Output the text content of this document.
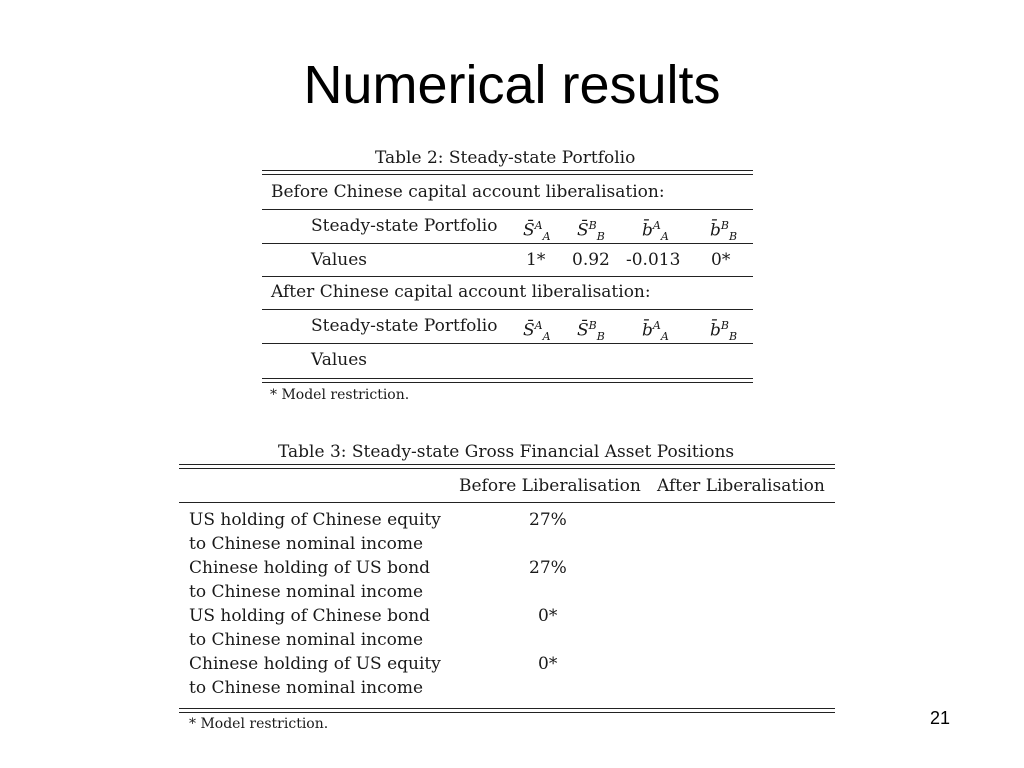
Numerical results
Table 2: Steady-state Portfolio
Before Chinese capital account liberalisation:
Steady-state Portfolio S̄$^A_A$ S̄$^B_B$ b̄$^A_A$ b̄$^B_B$
Values	1* 0.92 -0.013 0*
After Chinese capital account liberalisation:
Steady-state Portfolio S̄$^A_A$ S̄$^B_B$ b̄$^A_A$ b̄$^B_B$
Values
* Model restriction.
Table 3: Steady-state Gross Financial Asset Positions
Before Liberalisation After Liberalisation
US holding of Chinese equity
to Chinese nominal income
27%
Chinese holding of US bond
to Chinese nominal income
27%
US holding of Chinese bond
to Chinese nominal income
0*
Chinese holding of US equity
to Chinese nominal income
0*
* Model restriction.	21
